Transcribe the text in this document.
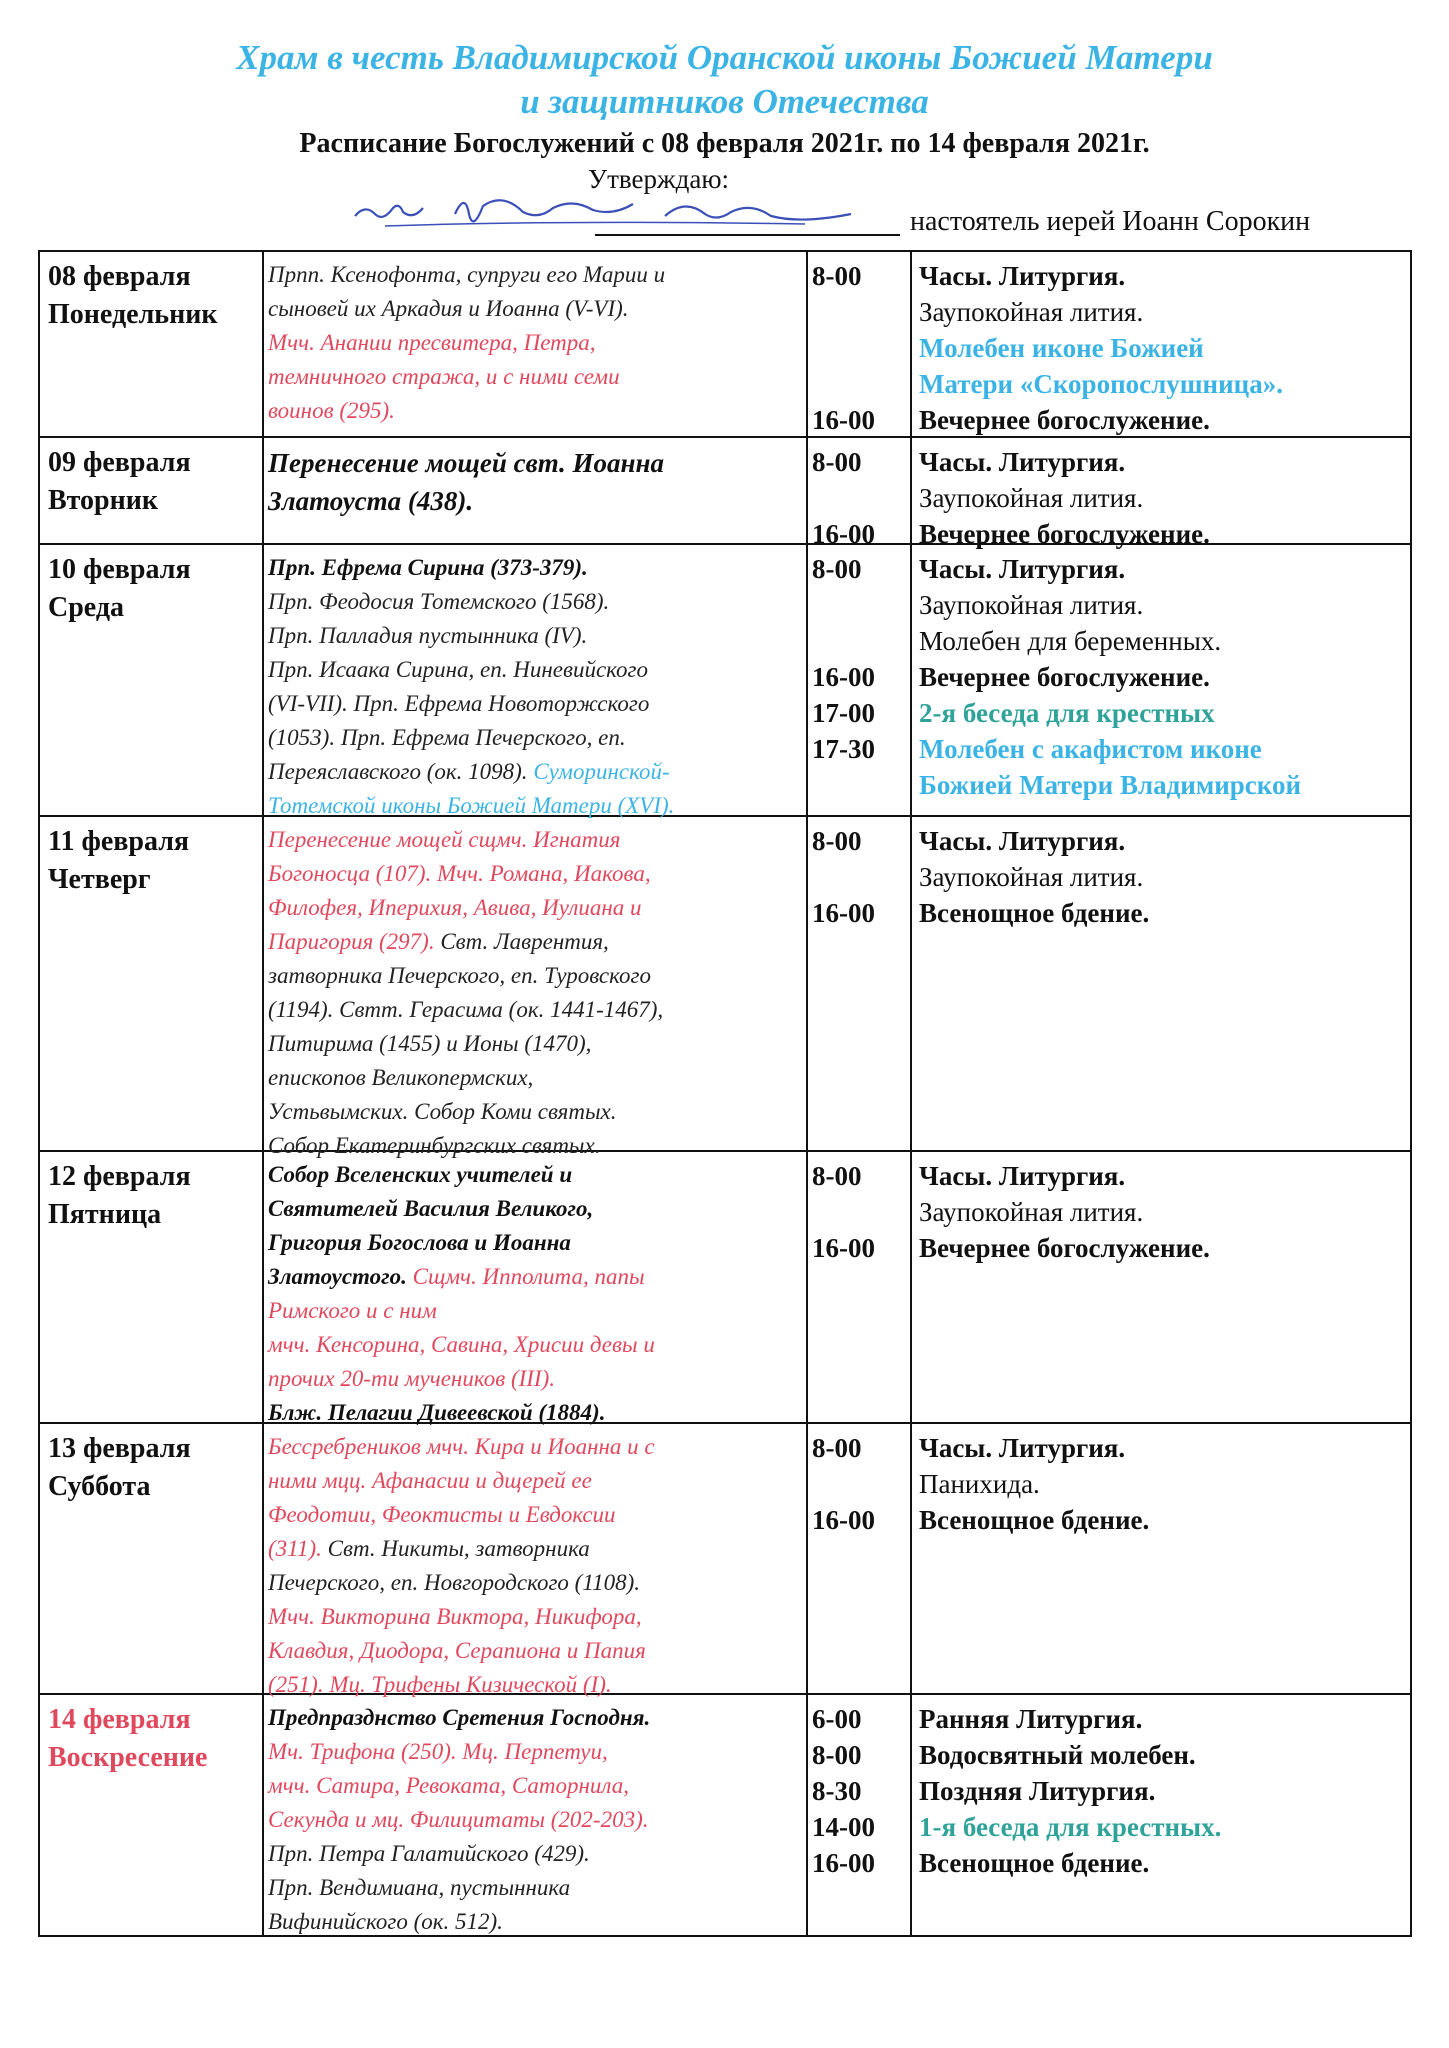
Храм в честь Владимирской Оранской иконы Божией Матери
и защитников Отечества
Расписание Богослужений с 08 февраля 2021г. по 14 февраля 2021г.
Утверждаю:
настоятель иерей Иоанн Сорокин
08 февраля
Понедельник
Прпп. Ксенофонта, супруги его Марии и
сыновей их Аркадия и Иоанна (V-VI).
Мчч. Анании пресвитера, Петра,
темничного стража, и с ними семи
воинов (295).
8-00
16-00
Часы. Литургия.
Заупокойная лития.
Молебен иконе Божией
Матери «Скоропослушница».
Вечернее богослужение.
09 февраля
Вторник
Перенесение мощей свт. Иоанна
Златоуста (438).
8-00
16-00
Часы. Литургия.
Заупокойная лития.
Вечернее богослужение.
10 февраля
Среда
Прп. Ефрема Сирина (373-379).
Прп. Феодосия Тотемского (1568).
Прп. Палладия пустынника (IV).
Прп. Исаака Сирина, еп. Ниневийского
(VI-VII). Прп. Ефрема Новоторжского
(1053). Прп. Ефрема Печерского, еп.
Переяславского (ок. 1098). Суморинской-
Тотемской иконы Божией Матери (XVI).
8-00
16-00
17-00
17-30
Часы. Литургия.
Заупокойная лития.
Молебен для беременных.
Вечернее богослужение.
2-я беседа для крестных
Молебен с акафистом иконе
Божией Матери Владимирской
11 февраля
Четверг
Перенесение мощей сщмч. Игнатия
Богоносца (107). Мчч. Романа, Иакова,
Филофея, Иперихия, Авива, Иулиана и
Паригория (297). Свт. Лаврентия,
затворника Печерского, еп. Туровского
(1194). Свтт. Герасима (ок. 1441-1467),
Питирима (1455) и Ионы (1470),
епископов Великопермских,
Устьвымских. Собор Коми святых.
Собор Екатеринбургских святых.
8-00
16-00
Часы. Литургия.
Заупокойная лития.
Всенощное бдение.
12 февраля
Пятница
Собор Вселенских учителей и
Святителей Василия Великого,
Григория Богослова и Иоанна
Златоустого. Сщмч. Ипполита, папы
Римского и с ним
мчч. Кенсорина, Савина, Хрисии девы и
прочих 20-ти мучеников (III).
Блж. Пелагии Дивеевской (1884).
8-00
16-00
Часы. Литургия.
Заупокойная лития.
Вечернее богослужение.
13 февраля
Суббота
Бессребреников мчч. Кира и Иоанна и с
ними мцц. Афанасии и дщерей ее
Феодотии, Феоктисты и Евдоксии
(311). Свт. Никиты, затворника
Печерского, еп. Новгородского (1108).
Мчч. Викторина Виктора, Никифора,
Клавдия, Диодора, Серапиона и Папия
(251). Мц. Трифены Кизической (I).
8-00
16-00
Часы. Литургия.
Панихида.
Всенощное бдение.
14 февраля
Воскресение
Предпразднство Сретения Господня.
Мч. Трифона (250). Мц. Перпетуи,
мчч. Сатира, Ревоката, Саторнила,
Секунда и мц. Филицитаты (202-203).
Прп. Петра Галатийского (429).
Прп. Вендимиана, пустынника
Вифинийского (ок. 512).
6-00
8-00
8-30
14-00
16-00
Ранняя Литургия.
Водосвятный молебен.
Поздняя Литургия.
1-я беседа для крестных.
Всенощное бдение.
